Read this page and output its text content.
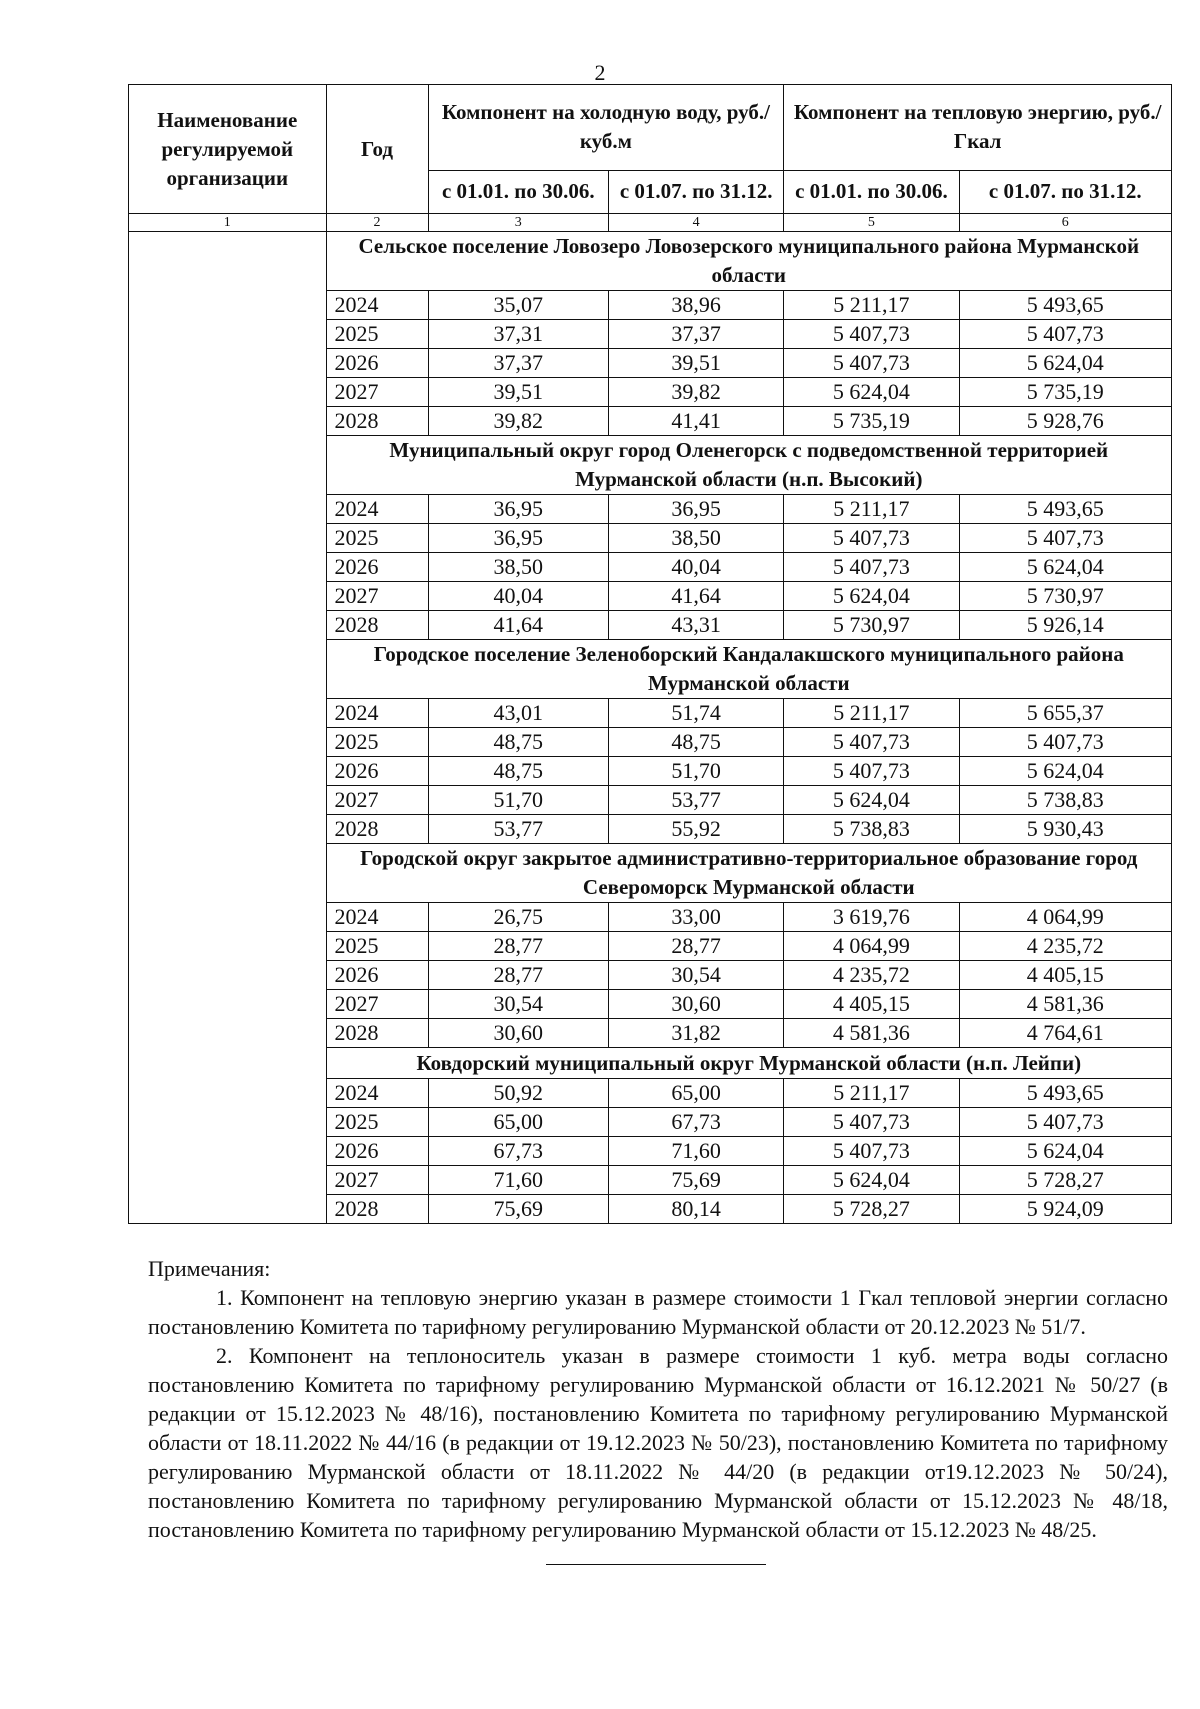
2
Наименование регулируемой организации	Год	Компонент на холодную воду, руб./куб.м		Компонент на тепловую энергию, руб./Гкал	
		с 01.01. по 30.06.	с 01.07. по 31.12.	с 01.01. по 30.06.	с 01.07. по 31.12.
1	2	3	4	5	6
	Сельское поселение Ловозеро Ловозерского муниципального района Мурманской области				
	2024	35,07	38,96	5 211,17	5 493,65
	2025	37,31	37,37	5 407,73	5 407,73
	2026	37,37	39,51	5 407,73	5 624,04
	2027	39,51	39,82	5 624,04	5 735,19
	2028	39,82	41,41	5 735,19	5 928,76
	Муниципальный округ город Оленегорск с подведомственной территорией Мурманской области (н.п. Высокий)				
	2024	36,95	36,95	5 211,17	5 493,65
	2025	36,95	38,50	5 407,73	5 407,73
	2026	38,50	40,04	5 407,73	5 624,04
	2027	40,04	41,64	5 624,04	5 730,97
	2028	41,64	43,31	5 730,97	5 926,14
	Городское поселение Зеленоборский Кандалакшского муниципального района Мурманской области				
	2024	43,01	51,74	5 211,17	5 655,37
	2025	48,75	48,75	5 407,73	5 407,73
	2026	48,75	51,70	5 407,73	5 624,04
	2027	51,70	53,77	5 624,04	5 738,83
	2028	53,77	55,92	5 738,83	5 930,43
	Городской округ закрытое административно-территориальное образование город Североморск Мурманской области				
	2024	26,75	33,00	3 619,76	4 064,99
	2025	28,77	28,77	4 064,99	4 235,72
	2026	28,77	30,54	4 235,72	4 405,15
	2027	30,54	30,60	4 405,15	4 581,36
	2028	30,60	31,82	4 581,36	4 764,61
	Ковдорский муниципальный округ Мурманской области (н.п. Лейпи)				
	2024	50,92	65,00	5 211,17	5 493,65
	2025	65,00	67,73	5 407,73	5 407,73
	2026	67,73	71,60	5 407,73	5 624,04
	2027	71,60	75,69	5 624,04	5 728,27
	2028	75,69	80,14	5 728,27	5 924,09
Примечания:

1. Компонент на тепловую энергию указан в размере стоимости 1 Гкал тепловой энергии согласно постановлению Комитета по тарифному регулированию Мурманской области от 20.12.2023 № 51/7.

2. Компонент на теплоноситель указан в размере стоимости 1 куб. метра воды согласно постановлению Комитета по тарифному регулированию Мурманской области от 16.12.2021 № 50/27 (в редакции от 15.12.2023 № 48/16), постановлению Комитета по тарифному регулированию Мурманской области от 18.11.2022 № 44/16 (в редакции от 19.12.2023 № 50/23), постановлению Комитета по тарифному регулированию Мурманской области от 18.11.2022 № 44/20 (в редакции от19.12.2023 № 50/24), постановлению Комитета по тарифному регулированию Мурманской области от 15.12.2023 № 48/18, постановлению Комитета по тарифному регулированию Мурманской области от 15.12.2023 № 48/25.
